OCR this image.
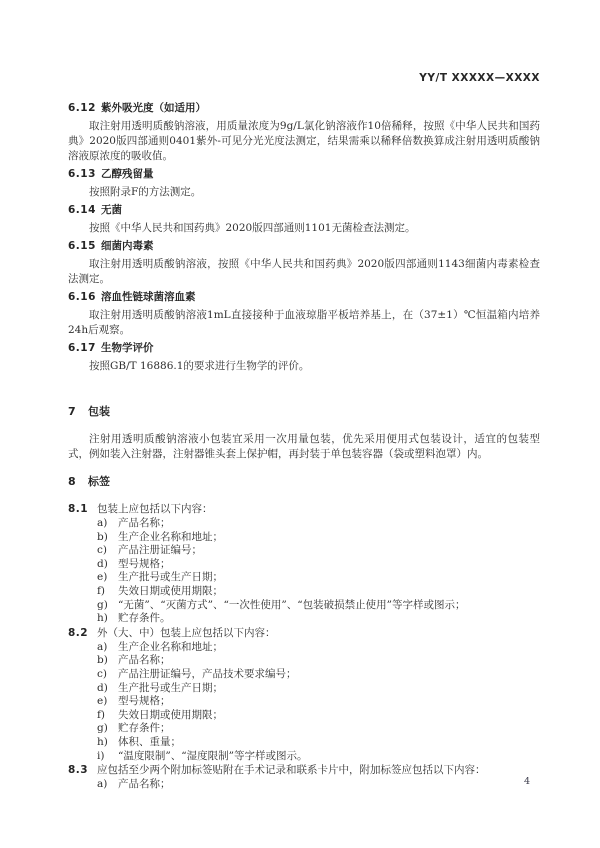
YY/T XXXXX—XXXX
6.12 紫外吸光度（如适用）

取注射用透明质酸钠溶液，用质量浓度为9g/L氯化钠溶液作10倍稀释，按照《中华人民共和国药典》2020版四部通则0401紫外-可见分光光度法测定，结果需乘以稀释倍数换算成注射用透明质酸钠溶液原浓度的吸收值。

6.13 乙醇残留量

按照附录F的方法测定。

6.14 无菌

按照《中华人民共和国药典》2020版四部通则1101无菌检查法测定。

6.15 细菌内毒素

取注射用透明质酸钠溶液，按照《中华人民共和国药典》2020版四部通则1143细菌内毒素检查法测定。

6.16 溶血性链球菌溶血素

取注射用透明质酸钠溶液1mL直接接种于血液琼脂平板培养基上，在（37±1）℃恒温箱内培养24h后观察。

6.17 生物学评价

按照GB/T 16886.1的要求进行生物学的评价。

7 包装

注射用透明质酸钠溶液小包装宜采用一次用量包装，优先采用便用式包装设计，适宜的包装型式，例如装入注射器，注射器锥头套上保护帽，再封装于单包装容器（袋或塑料泡罩）内。

8 标签
8.1 包装上应包括以下内容：
a) 产品名称；
b) 生产企业名称和地址；
c) 产品注册证编号；
d) 型号规格；
e) 生产批号或生产日期；
f) 失效日期或使用期限；
g) “无菌”、“灭菌方式”、“一次性使用”、“包装破损禁止使用”等字样或图示；
h) 贮存条件。
8.2 外（大、中）包装上应包括以下内容：
a) 生产企业名称和地址；
b) 产品名称；
c) 产品注册证编号，产品技术要求编号；
d) 生产批号或生产日期；
e) 型号规格；
f) 失效日期或使用期限；
g) 贮存条件；
h) 体积、重量；
i) “温度限制”、“湿度限制”等字样或图示。
8.3 应包括至少两个附加标签贴附在手术记录和联系卡片中，附加标签应包括以下内容：
a) 产品名称；	4
